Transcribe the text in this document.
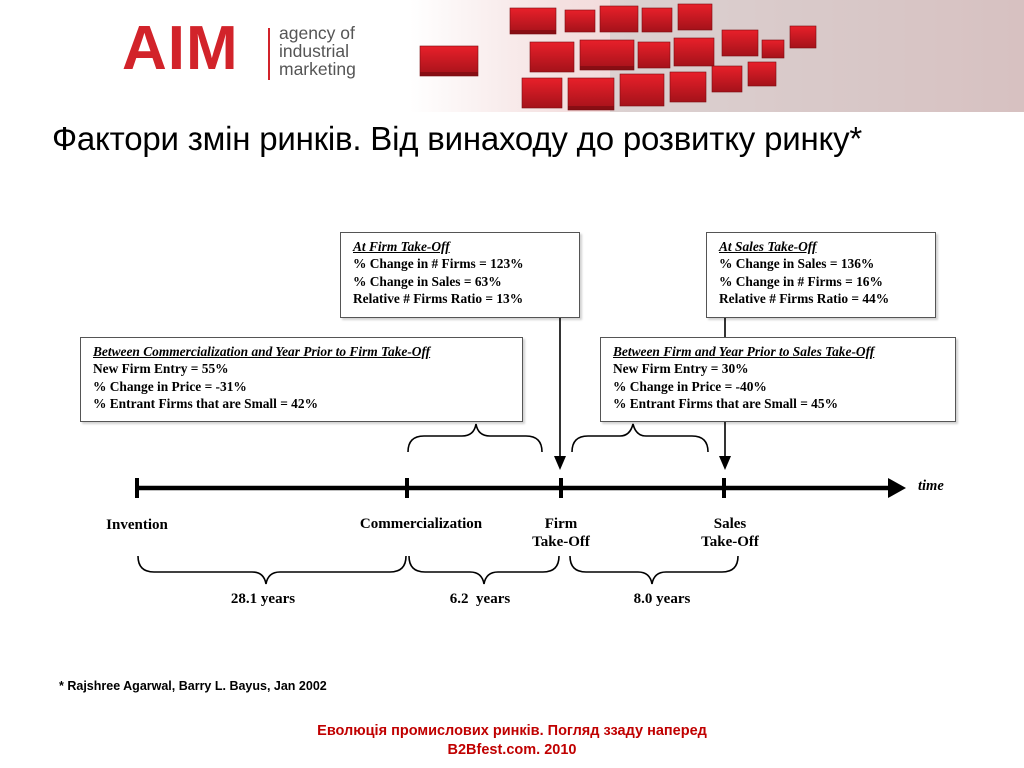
AIM agency of
industrial
marketing
Фактори змін ринків. Від винаходу до розвитку ринку*
Between Commercialization and Year Prior to Firm Take-Off
New Firm Entry = 55%
% Change in Price = -31%
% Entrant Firms that are Small = 42%
At Firm Take-Off
% Change in # Firms = 123%
% Change in Sales = 63%
Relative # Firms Ratio = 13%
At Sales Take-Off
% Change in Sales = 136%
% Change in # Firms = 16%
Relative # Firms Ratio = 44%
Between Firm and Year Prior to Sales Take-Off
New Firm Entry = 30%
% Change in Price = -40%
% Entrant Firms that are Small = 45%
time
Invention	Commercialization	Firm
Take-Off
Sales
Take-Off
28.1 years	6.2  years	8.0 years
* Rajshree Agarwal, Barry L. Bayus, Jan 2002
Еволюція промислових ринків. Погляд ззаду наперед
B2Bfest.com. 2010
